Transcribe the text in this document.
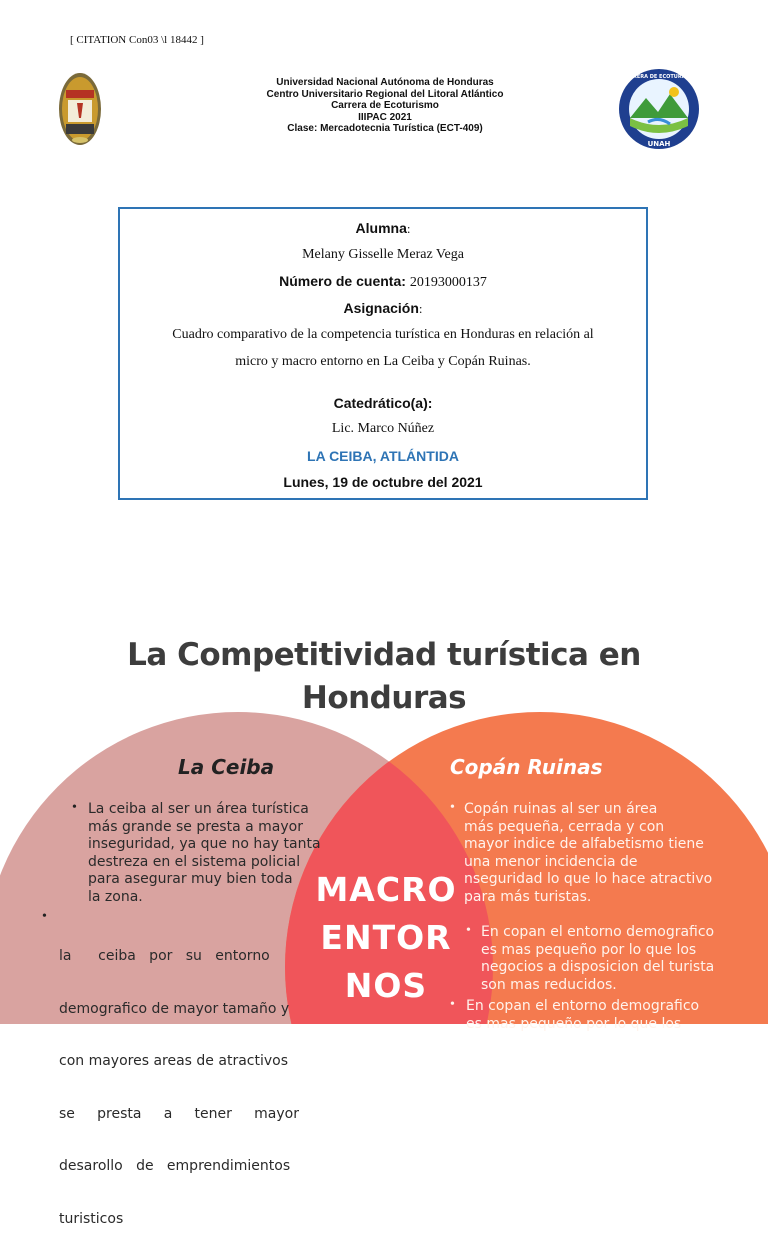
[ CITATION Con03 \l 18442 ]
CARRERA DE ECOTURISMO
UNAH
Universidad Nacional Autónoma de Honduras
Centro Universitario Regional del Litoral Atlántico
Carrera de Ecoturismo
IIIPAC 2021
Clase: Mercadotecnia Turística (ECT-409)
Alumna:
Melany Gisselle Meraz Vega
Número de cuenta: 20193000137
Asignación:
Cuadro comparativo de la competencia turística en Honduras en relación al
micro y macro entorno en La Ceiba y Copán Ruinas.
Catedrático(a):
Lic. Marco Núñez
LA CEIBA, ATLÁNTIDA
Lunes, 19 de octubre del 2021
La Competitividad turística en
Honduras
La Ceiba	Copán Ruinas
• La ceiba al ser un área turística
más grande se presta a mayor
inseguridad, ya que no hay tanta
destreza en el sistema policial
para asegurar muy bien toda
la zona.
•

la      ceiba   por   su   entorno

demografico de mayor tamaño y

con mayores areas de atractivos

se     presta     a     tener     mayor

desarollo   de   emprendimientos

turisticos

MACRO
ENTOR
NOS
• Copán ruinas al ser un área
más pequeña, cerrada y con
mayor indice de alfabetismo tiene
una menor incidencia de
nseguridad lo que lo hace atractivo
para más turistas.
• En copan el entorno demografico
es mas pequeño por lo que los
negocios a disposicion del turista
son mas reducidos.
• En copan el entorno demografico
es mas pequeño por lo que los
